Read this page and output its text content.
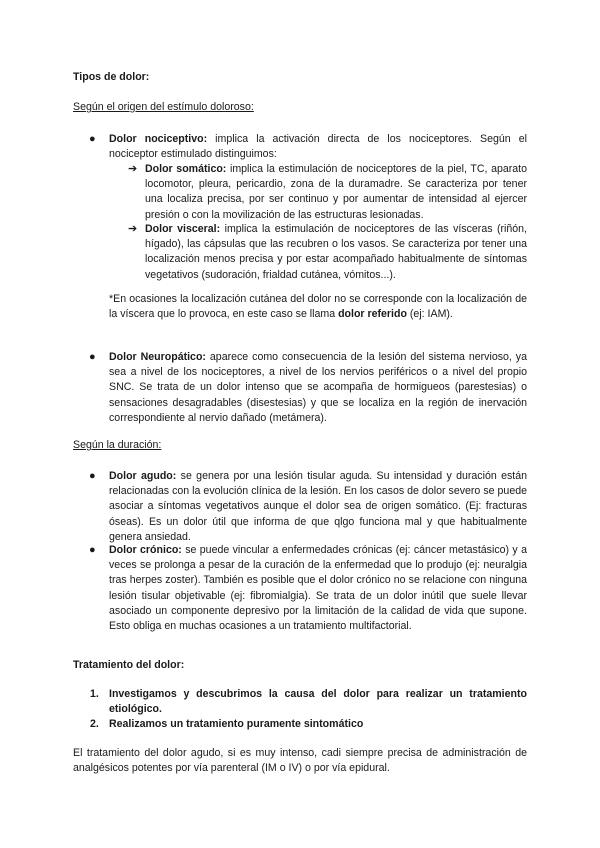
Tipos de dolor:

Según el origen del estímulo doloroso:

● Dolor nociceptivo: implica la activación directa de los nociceptores. Según el nociceptor estimulado distinguimos:

➔ Dolor somático: implica la estimulación de nociceptores de la piel, TC, aparato locomotor, pleura, pericardio, zona de la duramadre. Se caracteriza por tener una localiza precisa, por ser continuo y por aumentar de intensidad al ejercer presión o con la movilización de las estructuras lesionadas.

➔ Dolor visceral: implica la estimulación de nociceptores de las vísceras (riñón, hígado), las cápsulas que las recubren o los vasos. Se caracteriza por tener una localización menos precisa y por estar acompañado habitualmente de síntomas vegetativos (sudoración, frialdad cutánea, vómitos...).

*En ocasiones la localización cutánea del dolor no se corresponde con la localización de la víscera que lo provoca, en este caso se llama dolor referido (ej: IAM).

● Dolor Neuropático: aparece como consecuencia de la lesión del sistema nervioso, ya sea a nivel de los nociceptores, a nivel de los nervios periféricos o a nivel del propio SNC. Se trata de un dolor intenso que se acompaña de hormigueos (parestesias) o sensaciones desagradables (disestesias) y que se localiza en la región de inervación correspondiente al nervio dañado (metámera).

Según la duración:

● Dolor agudo: se genera por una lesión tisular aguda. Su intensidad y duración están relacionadas con la evolución clínica de la lesión. En los casos de dolor severo se puede asociar a síntomas vegetativos aunque el dolor sea de origen somático. (Ej: fracturas óseas). Es un dolor útil que informa de que qlgo funciona mal y que habitualmente genera ansiedad.

● Dolor crónico: se puede vincular a enfermedades crónicas (ej: cáncer metastásico) y a veces se prolonga a pesar de la curación de la enfermedad que lo produjo (ej: neuralgia tras herpes zoster). También es posible que el dolor crónico no se relacione con ninguna lesión tisular objetivable (ej: fibromialgia). Se trata de un dolor inútil que suele llevar asociado un componente depresivo por la limitación de la calidad de vida que supone. Esto obliga en muchas ocasiones a un tratamiento multifactorial.

Tratamiento del dolor:

1. Investigamos y descubrimos la causa del dolor para realizar un tratamiento etiológico.

2. Realizamos un tratamiento puramente sintomático

El tratamiento del dolor agudo, si es muy intenso, cadi siempre precisa de administración de analgésicos potentes por vía parenteral (IM o IV) o por vía epidural.
